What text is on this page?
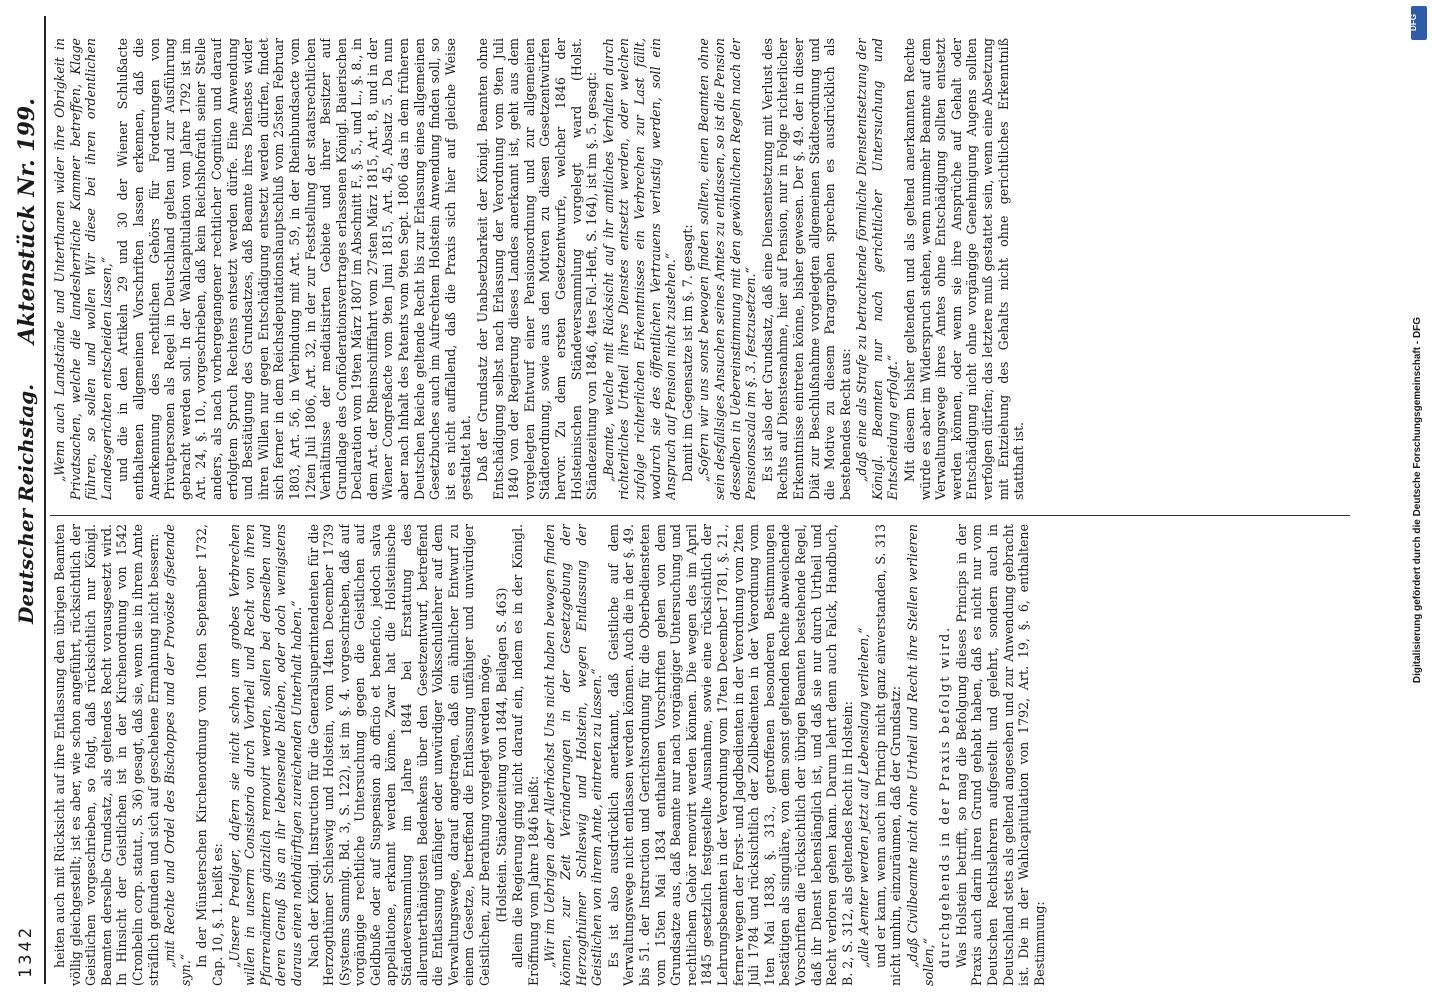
1342
Deutscher Reichstag.
Aktenstück Nr. 199.

heiten auch mit Rücksicht auf ihre Entlassung den übrigen Beamten völlig gleichgestellt; ist es aber, wie schon angeführt, rücksichtlich der Geistlichen vorgeschrieben, so folgt, daß rücksichtlich nur Königl. Beamten derselbe Grundsatz, als geltendes Recht vorausgesetzt wird. In Hinsicht der Geistlichen ist in der Kirchenordnung von 1542 (Cronbelin corp. statut., S. 36) gesagt, daß sie, wenn sie in ihrem Amte sträflich gefunden und sich auf geschehene Ermahnung nicht bessern: „mit Rechte und Ordel des Bischoppes und der Provöste afsetende syn.“

In der Münsterschen Kirchenordnung vom 10ten September 1732, Cap. 10, §. 1. heißt es: „Unsere Prediger, dafern sie nicht schon um grobes Verbrechen willen in unserm Consistorio durch Vortheil und Recht von ihren Pfarrenämtern gänzlich removirt werden, sollen bei denselben und deren Genuß bis an ihr lebensende bleiben, oder doch wenigstens daraus einen nothdürftigen zureichenden Unterhalt haben.“ Nach der Königl. Instruction für die Generalsuperintendenten für die Herzogthümer Schleswig und Holstein, vom 14ten December 1739 (Systems Sammlg. Bd. 3, S. 122), ist im §. 4. vorgeschrieben, daß auf vorgängige rechtliche Untersuchung gegen die Geistlichen auf Geldbuße oder auf Suspension ab officio et beneficio, jedoch salva appellatione, erkannt werden könne. Zwar hat die Holsteinische Ständeversammlung im Jahre 1844 bei Erstattung des allerunterthänigsten Bedenkens über den Gesetzentwurf, betreffend die Entlassung unfähiger oder unwürdiger Volksschullehrer auf dem Verwaltungswege, darauf angetragen, daß ein ähnlicher Entwurf zu einem Gesetze, betreffend die Entlassung unfähiger und unwürdiger Geistlichen, zur Berathung vorgelegt werden möge, (Holstein. Ständezeitung von 1844, Beilagen S. 463) allein die Regierung ging nicht darauf ein, indem es in der Königl. Eröffnung vom Jahre 1846 heißt: „Wir im Uebrigen aber Allerhöchst Uns nicht haben bewogen finden können, zur Zeit Veränderungen in der Gesetzgebung der Herzogthümer Schleswig und Holstein, wegen Entlassung der Geistlichen von ihrem Amte, eintreten zu lassen.“ Es ist also ausdrücklich anerkannt, daß Geistliche auf dem Verwaltungswege nicht entlassen werden können. Auch die in der §. 49. bis 51. der Instruction und Gerichtsordnung für die Oberbediensteten vom 15ten Mai 1834 enthaltenen Vorschriften gehen von dem Grundsatze aus, daß Beamte nur nach vorgängiger Untersuchung und rechtlichem Gehör removirt werden können. Die wegen des im April 1845 gesetzlich festgestellte Ausnahme, sowie eine rücksichtlich der Lehrungsbeamten in der Verordnung vom 17ten December 1781, §. 21., ferner wegen der Forst- und Jagdbedienten in der Verordnung vom 2ten Juli 1784 und rücksichtlich der Zollbedienten in der Verordnung vom 1ten Mai 1838, §. 313., getroffenen besonderen Bestimmungen bestätigen als singuläre, von dem sonst geltenden Rechte abweichende Vorschriften die rücksichtlich der übrigen Beamten bestehende Regel, daß ihr Dienst lebenslänglich ist, und daß sie nur durch Urtheil und Recht verloren gehen kann. Darum lehrt denn auch Falck, Handbuch, B. 2, S. 312, als geltendes Recht in Holstein: „alle Aemter werden jetzt auf Lebenslang verliehen,“ und er kann, wenn auch im Princip nicht ganz einverstanden, S. 313 nicht umhin, einzuräumen, daß der Grundsatz: „daß Civilbeamte nicht ohne Urtheil und Recht ihre Stellen verlieren sollen,“ durchgehends in der Praxis befolgt wird. Was Holstein betrifft, so mag die Befolgung dieses Princips in der Praxis auch darin ihren Grund gehabt haben, daß es nicht nur vom Deutschen Rechtslehrern aufgestellt und gelehrt, sondern auch in Deutschland stets als geltend angesehen und zur Anwendung gebracht ist. Die in der Wahlcapitulation von 1792, Art. 19, §. 6, enthaltene Bestimmung:

„Wenn auch Landstände und Unterthanen wider ihre Obrigkeit in Privatsachen, welche die landesherrliche Kammer betreffen, Klage führen, so sollen und wollen Wir diese bei ihren ordentlichen Landesgerichten entscheiden lassen,“ und die in den Artikeln 29 und 30 der Wiener Schlußacte enthaltenen allgemeinen Vorschriften lassen erkennen, daß die Anerkennung des rechtlichen Gehörs für Forderungen von Privatpersonen als Regel in Deutschland gelten und zur Ausführung gebracht werden soll. In der Wahlcapitulation vom Jahre 1792 ist im Art. 24, §. 10., vorgeschrieben, daß kein Reichshofrath seiner Stelle anders, als nach vorhergegangener rechtlicher Cognition und darauf erfolgtem Spruch Rechtens entsetzt werden dürfe. Eine Anwendung und Bestätigung des Grundsatzes, daß Beamte ihres Dienstes wider ihren Willen nur gegen Entschädigung entsetzt werden dürfen, findet sich ferner in dem Reichsdeputationshauptschluß vom 25sten Februar 1803, Art. 56, in Verbindung mit Art. 59, in der Rheinbundsacte vom 12ten Juli 1806, Art. 32, in der zur Feststellung der staatsrechtlichen Verhältnisse der mediatisirten Gebiete und ihrer Besitzer auf Grundlage des Conföderationsvertrages erlassenen Königl. Baierischen Declaration vom 19ten März 1807 im Abschnitt F., §. 5., und L., §. 8., in dem Art. der Rheinschifffahrt vom 27sten März 1815, Art. 8, und in der Wiener Congreßacte vom 9ten Juni 1815, Art. 45, Absatz 5. Da nun aber nach Inhalt des Patents vom 9ten Sept. 1806 das in dem früheren Deutschen Reiche geltende Recht bis zur Erlassung eines allgemeinen Gesetzbuches auch im Aufrechtem Holstein Anwendung finden soll, so ist es nicht auffallend, daß die Praxis sich hier auf gleiche Weise gestaltet hat. Daß der Grundsatz der Unabsetzbarkeit der Königl. Beamten ohne Entschädigung selbst nach Erlassung der Verordnung vom 9ten Juli 1840 von der Regierung dieses Landes anerkannt ist, geht aus dem vorgelegten Entwurf einer Pensionsordnung und zur allgemeinen Städteordnung, sowie aus den Motiven zu diesen Gesetzentwürfen hervor. Zu dem ersten Gesetzentwurfe, welcher 1846 der Holsteinischen Ständeversammlung vorgelegt ward (Holst. Ständezeitung von 1846, 4tes Fol.-Heft, S. 164), ist im §. 5. gesagt: „Beamte, welche mit Rücksicht auf ihr amtliches Verhalten durch richterliches Urtheil ihres Dienstes entsetzt werden, oder welchen zufolge richterlichen Erkenntnisses ein Verbrechen zur Last fällt, wodurch sie des öffentlichen Vertrauens verlustig werden, soll ein Anspruch auf Pension nicht zustehen.“ Damit im Gegensatze ist im §. 7. gesagt: „Sofern wir uns sonst bewogen finden sollten, einen Beamten ohne sein desfallsiges Ansuchen seines Amtes zu entlassen, so ist die Pension desselben in Uebereinstimmung mit den gewöhnlichen Regeln nach der Pensionsscala im §. 3. festzusetzen.“ Es ist also der Grundsatz, daß eine Diensentsetzung mit Verlust des Rechts auf Dienstesnahme, hier auf Pension, nur in Folge richterlicher Erkenntnisse eintreten könne, bisher gewesen. Der §. 49. der in dieser Diät zur Beschlußnahme vorgelegten allgemeinen Städteordnung und die Motive zu diesem Paragraphen sprechen es ausdrücklich als bestehendes Recht aus: „daß eine als Strafe zu betrachtende förmliche Dienstentsetzung der Königl. Beamten nur nach gerichtlicher Untersuchung und Entscheidung erfolgt.“ Mit diesem bisher geltenden und als geltend anerkannten Rechte würde es aber im Widerspruch stehen, wenn nunmehr Beamte auf dem Verwaltungswege ihres Amtes ohne Entschädigung sollten entsetzt werden können, oder wenn sie ihre Ansprüche auf Gehalt oder Entschädigung nicht ohne vorgängige Genehmigung Augens sollten verfolgen dürfen; das letztere muß gestattet sein, wenn eine Absetzung mit Entziehung des Gehalts nicht ohne gerichtliches Erkenntniß statthaft ist.	Digitalisierung gefördert durch die Deutsche Forschungsgemeinschaft - DFG
DFG
